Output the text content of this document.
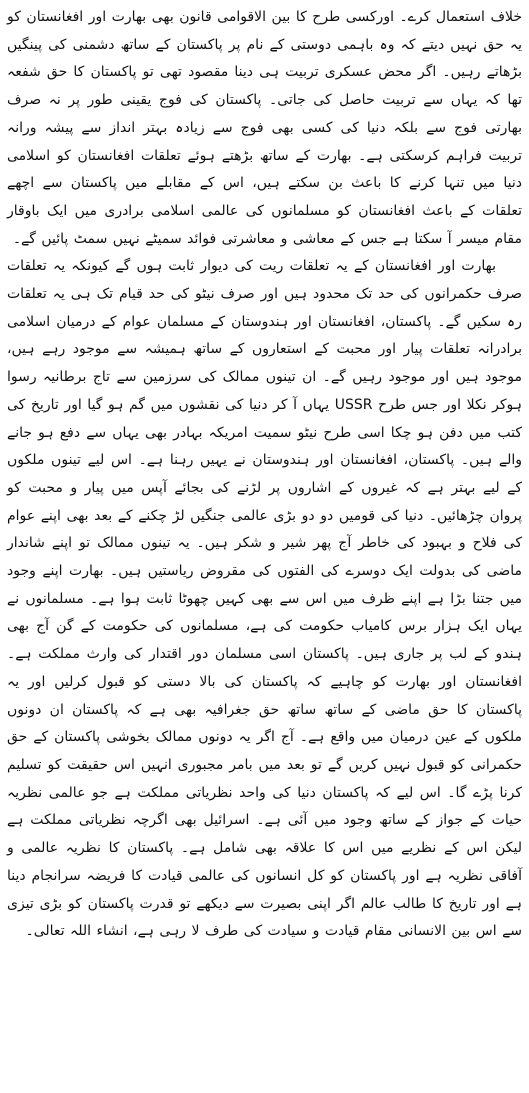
خلاف استعمال کرے۔ اورکسی طرح کا بین الاقوامی قانون بھی بھارت اور افغانستان کو یہ حق نہیں دیتے کہ وہ باہمی دوستی کے نام پر پاکستان کے ساتھ دشمنی کی پینگیں بڑھاتے رہیں۔ اگر محض عسکری تربیت ہی دینا مقصود تھی تو پاکستان کا حق شفعہ تھا کہ یہاں سے تربیت حاصل کی جاتی۔ پاکستان کی فوج یقینی طور پر نہ صرف بھارتی فوج سے بلکہ دنیا کی کسی بھی فوج سے زیادہ بہتر انداز سے پیشہ ورانہ تربیت فراہم کرسکتی ہے۔ بھارت کے ساتھ بڑھتے ہوئے تعلقات افغانستان کو اسلامی دنیا میں تنہا کرنے کا باعث بن سکتے ہیں، اس کے مقابلے میں پاکستان سے اچھے تعلقات کے باعث افغانستان کو مسلمانوں کی عالمی اسلامی برادری میں ایک باوقار مقام میسر آ سکتا ہے جس کے معاشی و معاشرتی فوائد سمیٹے نہیں سمٹ پائیں گے۔

بھارت اور افغانستان کے یہ تعلقات ریت کی دیوار ثابت ہوں گے کیونکہ یہ تعلقات صرف حکمرانوں کی حد تک محدود ہیں اور صرف نیٹو کی حد قیام تک ہی یہ تعلقات رہ سکیں گے۔ پاکستان، افغانستان اور ہندوستان کے مسلمان عوام کے درمیان اسلامی برادرانہ تعلقات پیار اور محبت کے استعاروں کے ساتھ ہمیشہ سے موجود رہے ہیں، موجود ہیں اور موجود رہیں گے۔ ان تینوں ممالک کی سرزمین سے تاج برطانیہ رسوا ہوکر نکلا اور جس طرح USSR یہاں آ کر دنیا کی نقشوں میں گم ہو گیا اور تاریخ کی کتب میں دفن ہو چکا اسی طرح نیٹو سمیت امریکہ بہادر بھی یہاں سے دفع ہو جانے والے ہیں۔ پاکستان، افغانستان اور ہندوستان نے یہیں رہنا ہے۔ اس لیے تینوں ملکوں کے لیے بہتر ہے کہ غیروں کے اشاروں پر لڑنے کی بجائے آپس میں پیار و محبت کو پروان چڑھائیں۔ دنیا کی قومیں دو دو بڑی عالمی جنگیں لڑ چکنے کے بعد بھی اپنے عوام کی فلاح و بہبود کی خاطر آج پھر شیر و شکر ہیں۔ یہ تینوں ممالک تو اپنے شاندار ماضی کی بدولت ایک دوسرے کی الفتوں کی مقروض ریاستیں ہیں۔ بھارت اپنے وجود میں جتنا بڑا ہے اپنے ظرف میں اس سے بھی کہیں چھوٹا ثابت ہوا ہے۔ مسلمانوں نے یہاں ایک ہزار برس کامیاب حکومت کی ہے، مسلمانوں کی حکومت کے گن آج بھی ہندو کے لب پر جاری ہیں۔ پاکستان اسی مسلمان دور اقتدار کی وارث مملکت ہے۔ افغانستان اور بھارت کو چاہیے کہ پاکستان کی بالا دستی کو قبول کرلیں اور یہ پاکستان کا حق ماضی کے ساتھ ساتھ حق جغرافیہ بھی ہے کہ پاکستان ان دونوں ملکوں کے عین درمیان میں واقع ہے۔ آج اگر یہ دونوں ممالک بخوشی پاکستان کے حق حکمرانی کو قبول نہیں کریں گے تو بعد میں بامر مجبوری انہیں اس حقیقت کو تسلیم کرنا پڑے گا۔ اس لیے کہ پاکستان دنیا کی واحد نظریاتی مملکت ہے جو عالمی نظریہ حیات کے جواز کے ساتھ وجود میں آئی ہے۔ اسرائیل بھی اگرچہ نظریاتی مملکت ہے لیکن اس کے نظریے میں اس کا علاقہ بھی شامل ہے۔ پاکستان کا نظریہ عالمی و آفاقی نظریہ ہے اور پاکستان کو کل انسانوں کی عالمی قیادت کا فریضہ سرانجام دینا ہے اور تاریخ کا طالب عالم اگر اپنی بصیرت سے دیکھے تو قدرت پاکستان کو بڑی تیزی سے اس بین الانسانی مقام قیادت و سیادت کی طرف لا رہی ہے، انشاء اللہ تعالی۔
